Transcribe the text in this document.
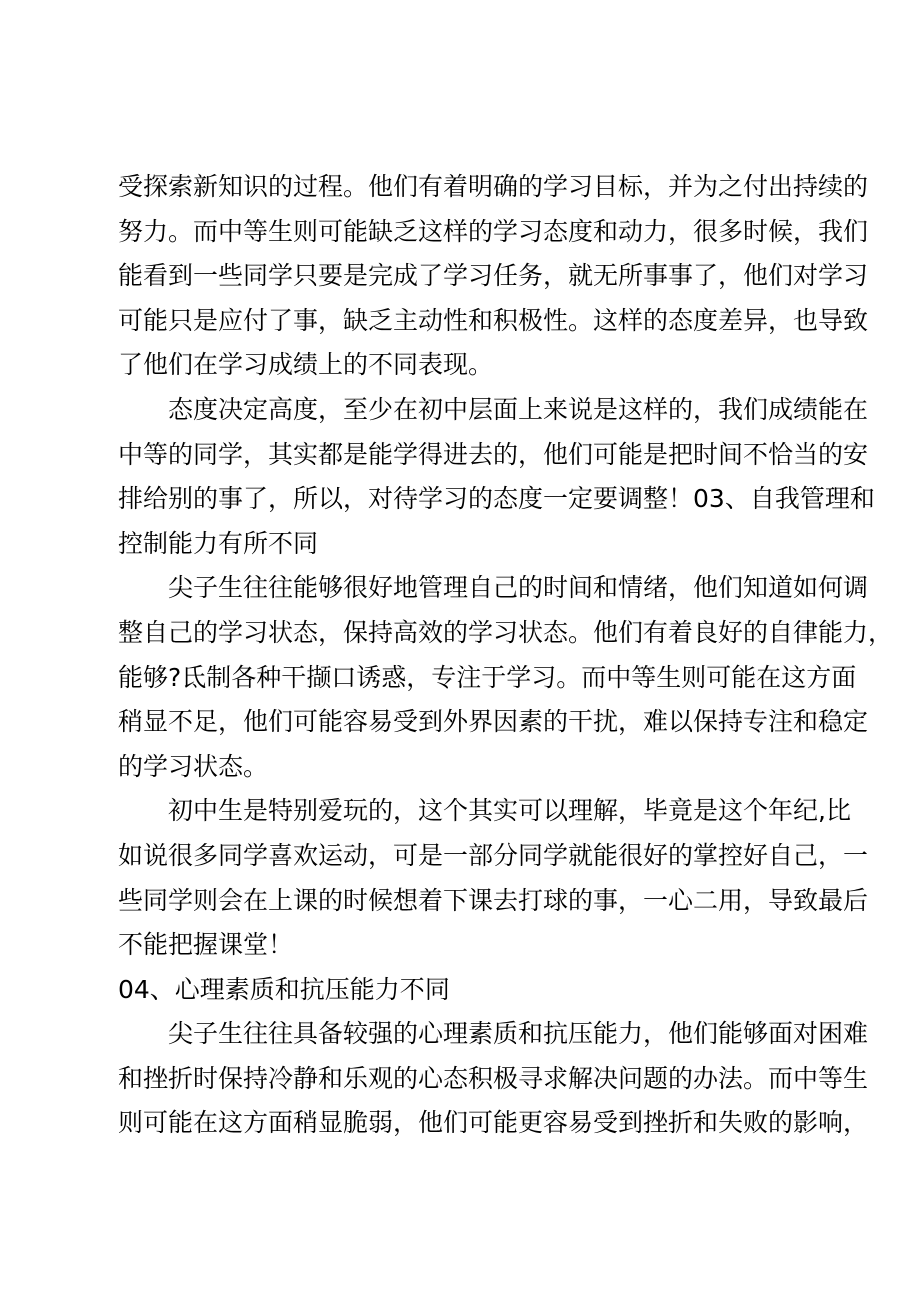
受探索新知识的过程。他们有着明确的学习目标，并为之付出持续的
努力。而中等生则可能缺乏这样的学习态度和动力，很多时候，我们
能看到一些同学只要是完成了学习任务，就无所事事了，他们对学习
可能只是应付了事，缺乏主动性和积极性。这样的态度差异，也导致
了他们在学习成绩上的不同表现。
态度决定高度，至少在初中层面上来说是这样的，我们成绩能在
中等的同学，其实都是能学得进去的，他们可能是把时间不恰当的安
排给别的事了，所以，对待学习的态度一定要调整！03、自我管理和
控制能力有所不同
尖子生往往能够很好地管理自己的时间和情绪，他们知道如何调
整自己的学习状态，保持高效的学习状态。他们有着良好的自律能力，
能够?氐制各种干撷口诱惑，专注于学习。而中等生则可能在这方面
稍显不足，他们可能容易受到外界因素的干扰，难以保持专注和稳定
的学习状态。
初中生是特别爱玩的，这个其实可以理解，毕竟是这个年纪,比
如说很多同学喜欢运动，可是一部分同学就能很好的掌控好自己，一
些同学则会在上课的时候想着下课去打球的事，一心二用，导致最后
不能把握课堂！
04、心理素质和抗压能力不同
尖子生往往具备较强的心理素质和抗压能力，他们能够面对困难
和挫折时保持冷静和乐观的心态积极寻求解决问题的办法。而中等生
则可能在这方面稍显脆弱，他们可能更容易受到挫折和失败的影响，
